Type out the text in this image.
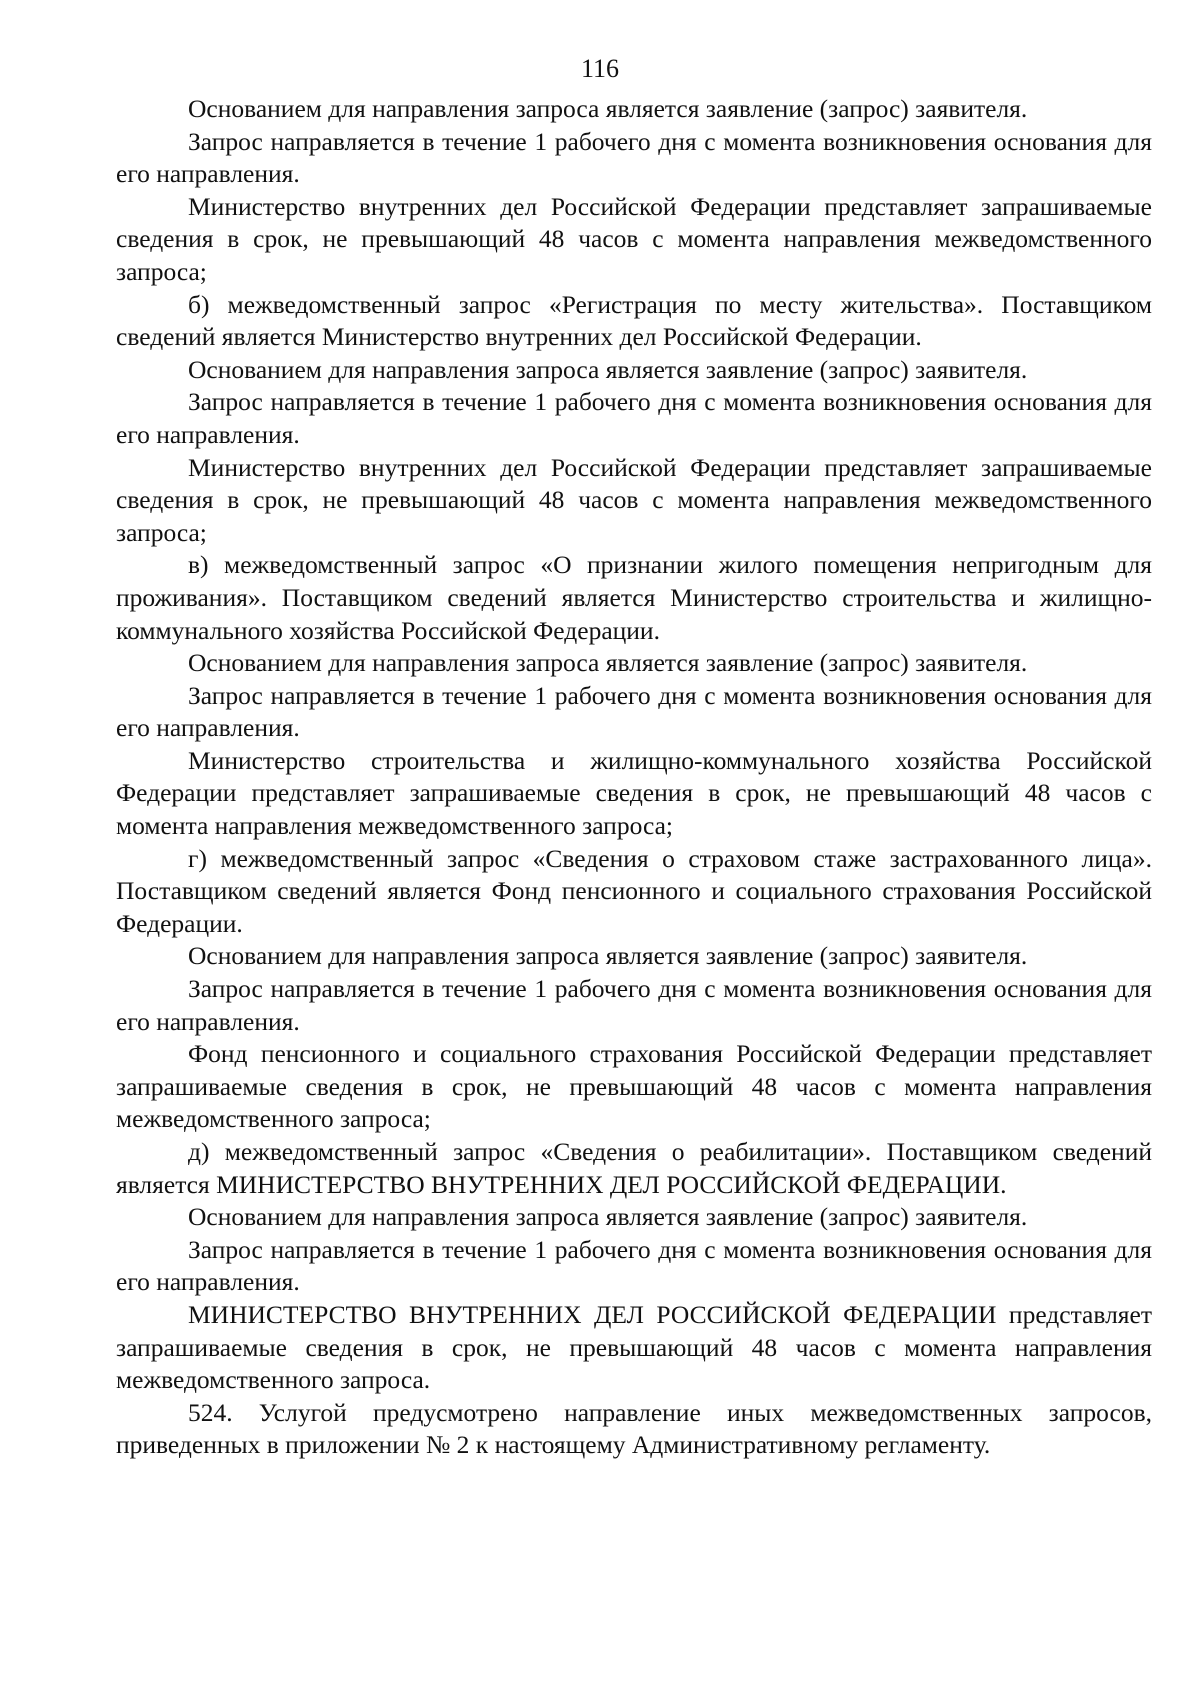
116

Основанием для направления запроса является заявление (запрос) заявителя.

Запрос направляется в течение 1 рабочего дня с момента возникновения основания для его направления.

Министерство внутренних дел Российской Федерации представляет запрашиваемые сведения в срок, не превышающий 48 часов с момента направления межведомственного запроса;

б) межведомственный запрос «Регистрация по месту жительства». Поставщиком сведений является Министерство внутренних дел Российской Федерации.

Основанием для направления запроса является заявление (запрос) заявителя.

Запрос направляется в течение 1 рабочего дня с момента возникновения основания для его направления.

Министерство внутренних дел Российской Федерации представляет запрашиваемые сведения в срок, не превышающий 48 часов с момента направления межведомственного запроса;

в) межведомственный запрос «О признании жилого помещения непригодным для проживания». Поставщиком сведений является Министерство строительства и жилищно-коммунального хозяйства Российской Федерации.

Основанием для направления запроса является заявление (запрос) заявителя.

Запрос направляется в течение 1 рабочего дня с момента возникновения основания для его направления.

Министерство строительства и жилищно-коммунального хозяйства Российской Федерации представляет запрашиваемые сведения в срок, не превышающий 48 часов с момента направления межведомственного запроса;

г) межведомственный запрос «Сведения о страховом стаже застрахованного лица». Поставщиком сведений является Фонд пенсионного и социального страхования Российской Федерации.

Основанием для направления запроса является заявление (запрос) заявителя.

Запрос направляется в течение 1 рабочего дня с момента возникновения основания для его направления.

Фонд пенсионного и социального страхования Российской Федерации представляет запрашиваемые сведения в срок, не превышающий 48 часов с момента направления межведомственного запроса;

д) межведомственный запрос «Сведения о реабилитации». Поставщиком сведений является МИНИСТЕРСТВО ВНУТРЕННИХ ДЕЛ РОССИЙСКОЙ ФЕДЕРАЦИИ.

Основанием для направления запроса является заявление (запрос) заявителя.

Запрос направляется в течение 1 рабочего дня с момента возникновения основания для его направления.

МИНИСТЕРСТВО ВНУТРЕННИХ ДЕЛ РОССИЙСКОЙ ФЕДЕРАЦИИ представляет запрашиваемые сведения в срок, не превышающий 48 часов с момента направления межведомственного запроса.

524. Услугой предусмотрено направление иных межведомственных запросов, приведенных в приложении № 2 к настоящему Административному регламенту.
